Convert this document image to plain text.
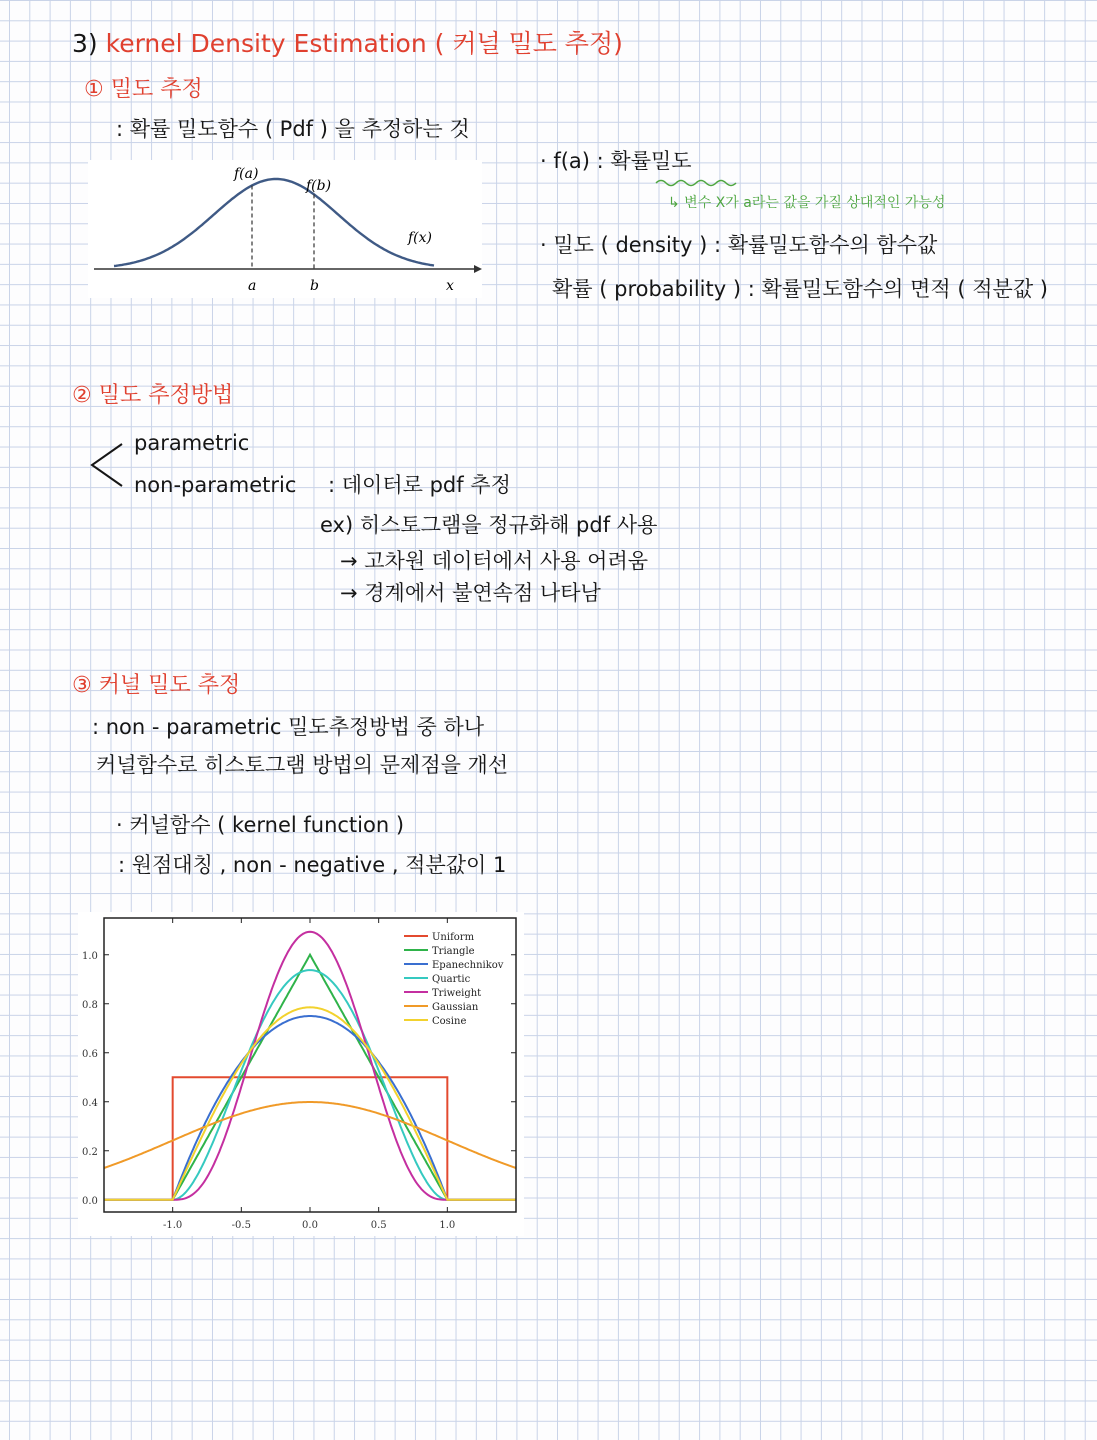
3) kernel Density Estimation ( 커널 밀도 추정)
① 밀도 추정
: 확률 밀도함수 ( Pdf ) 을 추정하는 것
f(a)
f(b)
f(x)
a	b	x
· f(a) : 확률밀도
↳ 변수 X가 a라는 값을 가질 상대적인 가능성
· 밀도 ( density ) : 확률밀도함수의 함수값
확률 ( probability ) : 확률밀도함수의 면적 ( 적분값 )
② 밀도 추정방법
parametric
non-parametric : 데이터로 pdf 추정
ex) 히스토그램을 정규화해 pdf 사용
→ 고차원 데이터에서 사용 어려움
→ 경계에서 불연속점 나타남
③ 커널 밀도 추정
: non - parametric 밀도추정방법 중 하나
커널함수로 히스토그램 방법의 문제점을 개선
· 커널함수 ( kernel function )
: 원점대칭 , non - negative , 적분값이 1
0.0
0.2
0.4
0.6
0.8
1.0
-1.0	-0.5	0.0	0.5	1.0
Uniform
Triangle
Epanechnikov
Quartic
Triweight
Gaussian
Cosine
